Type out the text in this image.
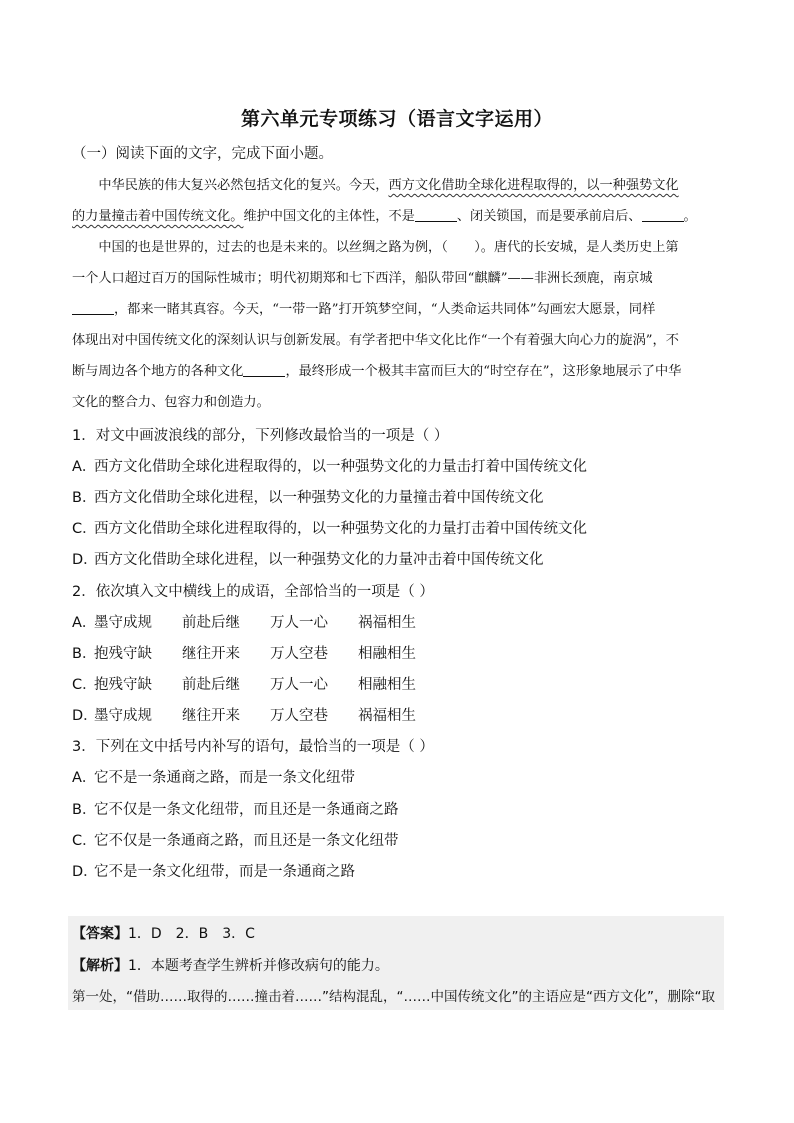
第六单元专项练习（语言文字运用）
（一）阅读下面的文字，完成下面小题。
  中华民族的伟大复兴必然包括文化的复兴。今天，西方文化借助全球化进程取得的，以一种强势文化
的力量撞击着中国传统文化。维护中国文化的主体性，不是	、闭关锁国，而是要承前启后、	。
  中国的也是世界的，过去的也是未来的。以丝绸之路为例，（　　）。唐代的长安城，是人类历史上第
一个人口超过百万的国际性城市；明代初期郑和七下西洋，船队带回“麒麟”——非洲长颈鹿，南京城
，都来一睹其真容。今天，“一带一路”打开筑梦空间，“人类命运共同体”勾画宏大愿景，同样
体现出对中国传统文化的深刻认识与创新发展。有学者把中华文化比作“一个有着强大向心力的旋涡”，不
断与周边各个地方的各种文化	，最终形成一个极其丰富而巨大的“时空存在”，这形象地展示了中华
文化的整合力、包容力和创造力。
1．对文中画波浪线的部分，下列修改最恰当的一项是（ ）
A．西方文化借助全球化进程取得的，以一种强势文化的力量击打着中国传统文化
B．西方文化借助全球化进程，以一种强势文化的力量撞击着中国传统文化
C．西方文化借助全球化进程取得的，以一种强势文化的力量打击着中国传统文化
D．西方文化借助全球化进程，以一种强势文化的力量冲击着中国传统文化
2．依次填入文中横线上的成语，全部恰当的一项是（ ）
A．墨守成规 前赴后继 万人一心 祸福相生
B．抱残守缺 继往开来 万人空巷 相融相生
C．抱残守缺 前赴后继 万人一心 相融相生
D．墨守成规 继往开来 万人空巷 祸福相生
3．下列在文中括号内补写的语句，最恰当的一项是（ ）
A．它不是一条通商之路，而是一条文化纽带
B．它不仅是一条文化纽带，而且还是一条通商之路
C．它不仅是一条通商之路，而且还是一条文化纽带
D．它不是一条文化纽带，而是一条通商之路
【答案】1．D　2．B　3．C
【解析】1．本题考查学生辨析并修改病句的能力。
第一处，“借助……取得的……撞击着……”结构混乱，“……中国传统文化”的主语应是“西方文化”，删除“取
